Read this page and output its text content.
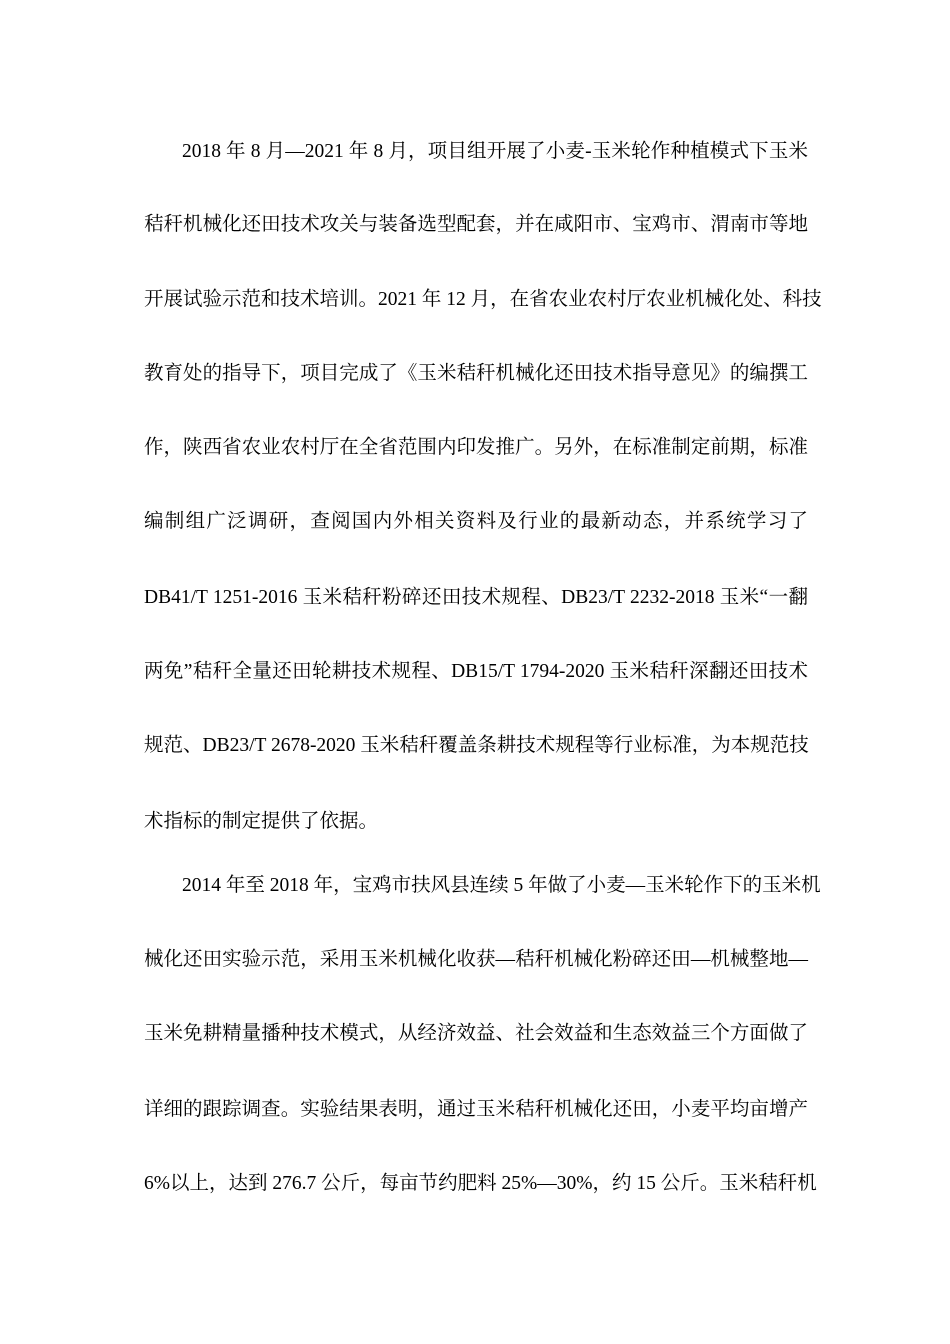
2018 年 8 月—2021 年 8 月，项目组开展了小麦-玉米轮作种植模式下玉米
秸秆机械化还田技术攻关与装备选型配套，并在咸阳市、宝鸡市、渭南市等地
开展试验示范和技术培训。2021 年 12 月，在省农业农村厅农业机械化处、科技
教育处的指导下，项目完成了《玉米秸秆机械化还田技术指导意见》的编撰工
作，陕西省农业农村厅在全省范围内印发推广。另外，在标准制定前期，标准
编制组广泛调研，查阅国内外相关资料及行业的最新动态，并系统学习了
DB41/T 1251-2016 玉米秸秆粉碎还田技术规程、DB23/T 2232-2018 玉米“一翻
两免”秸秆全量还田轮耕技术规程、DB15/T 1794-2020 玉米秸秆深翻还田技术
规范、DB23/T 2678-2020 玉米秸秆覆盖条耕技术规程等行业标准，为本规范技
术指标的制定提供了依据。
2014 年至 2018 年，宝鸡市扶风县连续 5 年做了小麦—玉米轮作下的玉米机
械化还田实验示范，采用玉米机械化收获—秸秆机械化粉碎还田—机械整地—
玉米免耕精量播种技术模式，从经济效益、社会效益和生态效益三个方面做了
详细的跟踪调查。实验结果表明，通过玉米秸秆机械化还田，小麦平均亩增产
6%以上，达到 276.7 公斤，每亩节约肥料 25%—30%，约 15 公斤。玉米秸秆机
